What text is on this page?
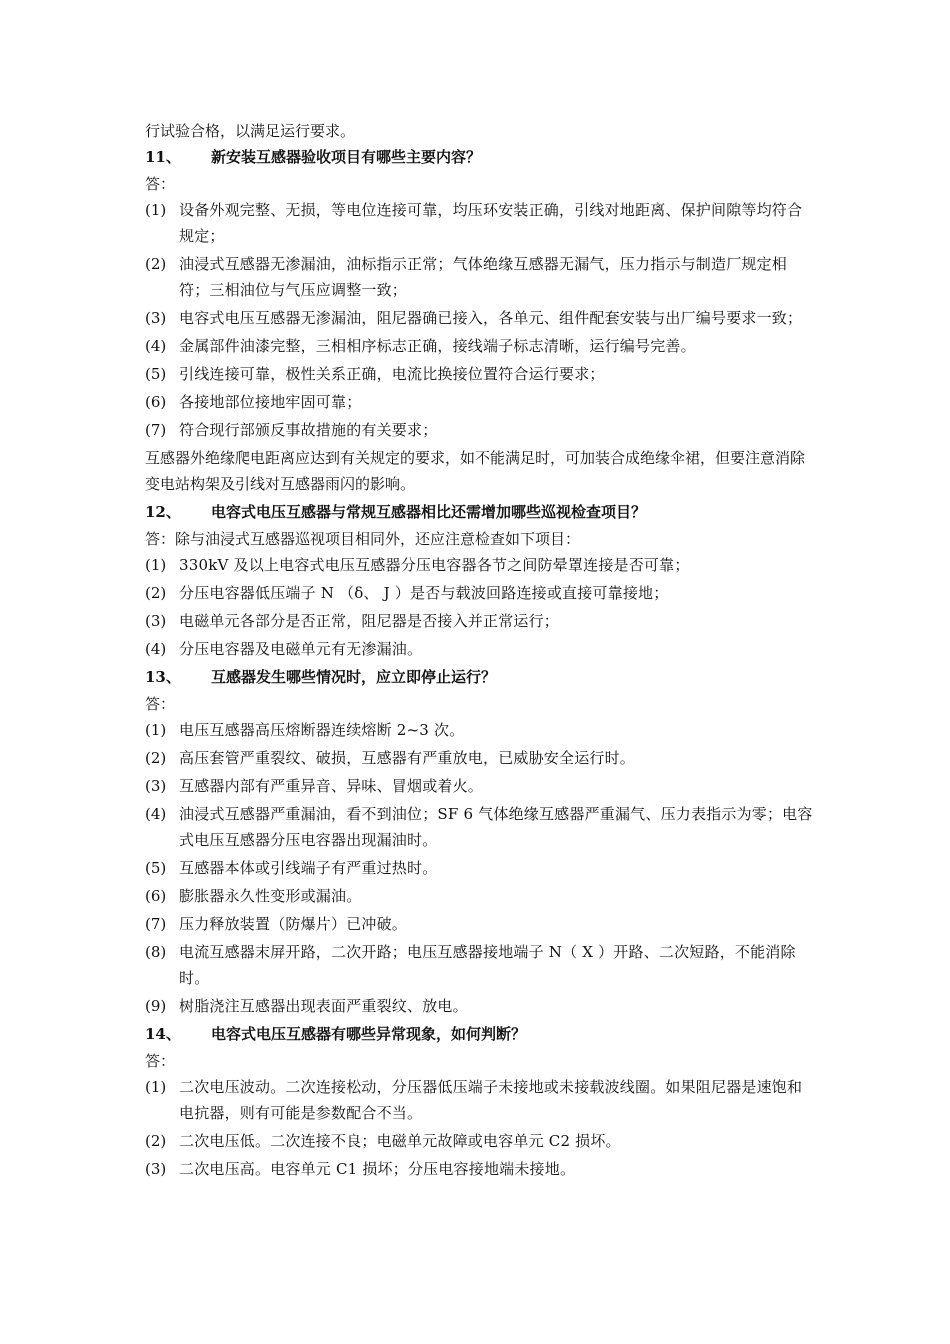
行试验合格，以满足运行要求。

11、 新安装互感器验收项目有哪些主要内容？

答：

(1) 设备外观完整、无损，等电位连接可靠，均压环安装正确，引线对地距离、保护间隙等均符合规定；
(2) 油浸式互感器无渗漏油，油标指示正常；气体绝缘互感器无漏气，压力指示与制造厂规定相符；三相油位与气压应调整一致；
(3) 电容式电压互感器无渗漏油，阻尼器确已接入，各单元、组件配套安装与出厂编号要求一致；
(4) 金属部件油漆完整，三相相序标志正确，接线端子标志清晰，运行编号完善。
(5) 引线连接可靠，极性关系正确，电流比换接位置符合运行要求；
(6) 各接地部位接地牢固可靠；
(7) 符合现行部颁反事故措施的有关要求；

互感器外绝缘爬电距离应达到有关规定的要求，如不能满足时，可加装合成绝缘伞裙，但要注意消除变电站构架及引线对互感器雨闪的影响。

12、 电容式电压互感器与常规互感器相比还需增加哪些巡视检查项目？

答：除与油浸式互感器巡视项目相同外，还应注意检查如下项目：

(1) 330kV 及以上电容式电压互感器分压电容器各节之间防晕罩连接是否可靠；
(2) 分压电容器低压端子 N （δ、 J ）是否与载波回路连接或直接可靠接地；
(3) 电磁单元各部分是否正常，阻尼器是否接入并正常运行；
(4) 分压电容器及电磁单元有无渗漏油。

13、 互感器发生哪些情况时，应立即停止运行？

答：

(1) 电压互感器高压熔断器连续熔断 2~3 次。
(2) 高压套管严重裂纹、破损，互感器有严重放电，已威胁安全运行时。
(3) 互感器内部有严重异音、异味、冒烟或着火。
(4) 油浸式互感器严重漏油，看不到油位；SF 6 气体绝缘互感器严重漏气、压力表指示为零；电容式电压互感器分压电容器出现漏油时。
(5) 互感器本体或引线端子有严重过热时。
(6) 膨胀器永久性变形或漏油。
(7) 压力释放装置（防爆片）已冲破。
(8) 电流互感器末屏开路，二次开路；电压互感器接地端子 N（ X ）开路、二次短路，不能消除时。
(9) 树脂浇注互感器出现表面严重裂纹、放电。

14、 电容式电压互感器有哪些异常现象，如何判断？

答：

(1) 二次电压波动。二次连接松动，分压器低压端子未接地或未接载波线圈。如果阻尼器是速饱和电抗器，则有可能是参数配合不当。
(2) 二次电压低。二次连接不良；电磁单元故障或电容单元 C2 损坏。
(3) 二次电压高。电容单元 C1 损坏；分压电容接地端未接地。
